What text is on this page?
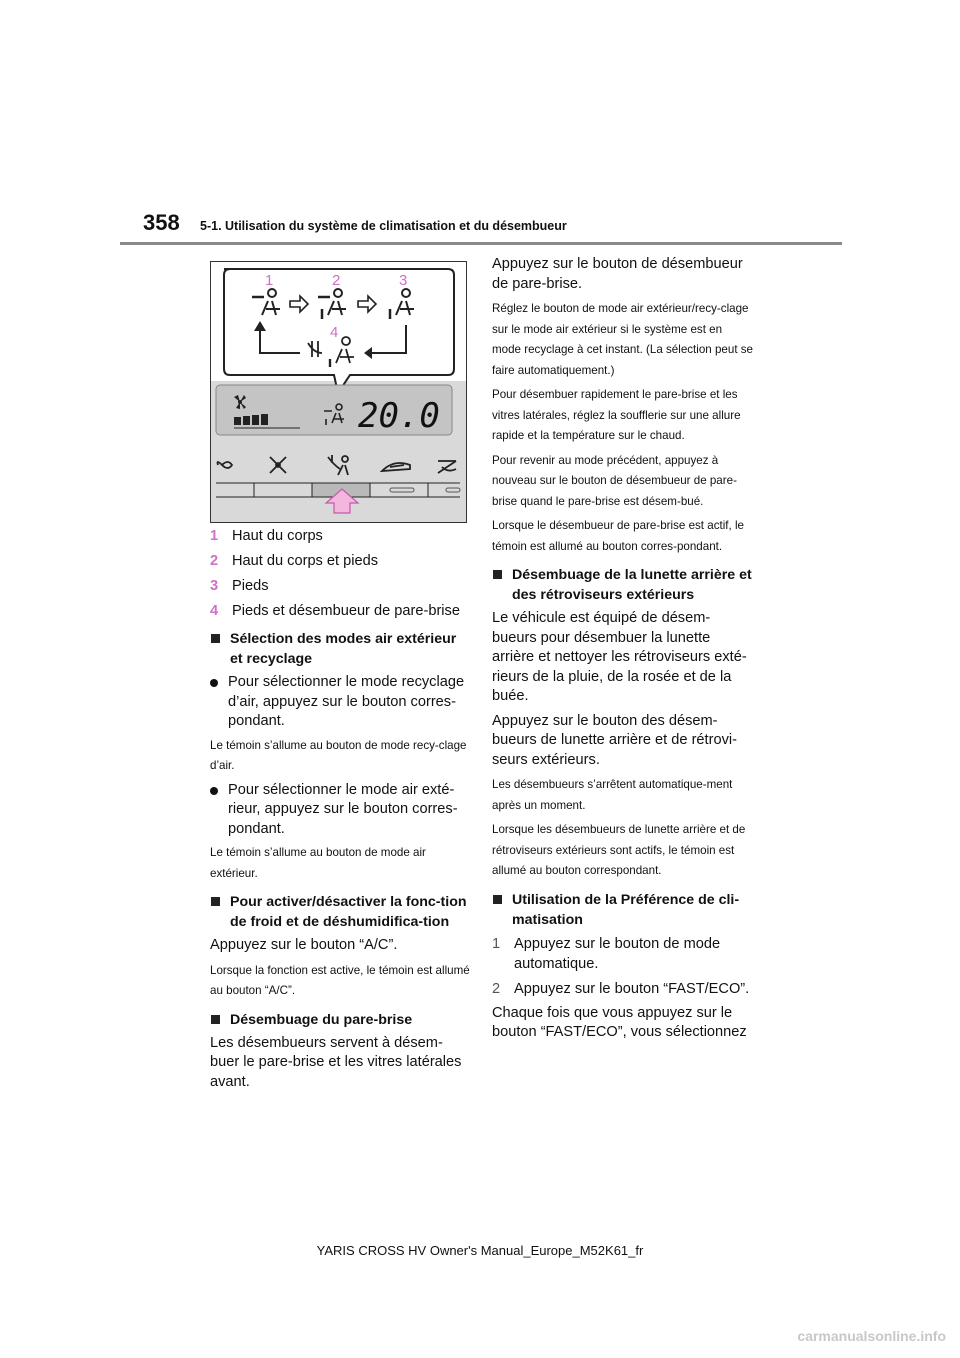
358 5-1. Utilisation du système de climatisation et du désembueur
1	2	3
4
20.0
1 Haut du corps
2 Haut du corps et pieds
3 Pieds
4 Pieds et désembueur de pare-brise

Sélection des modes air extérieur et recyclage

Pour sélectionner le mode recyclage d’air, appuyez sur le bouton corres-pondant.

Le témoin s’allume au bouton de mode recy-clage d’air.

Pour sélectionner le mode air exté-rieur, appuyez sur le bouton corres-pondant.

Le témoin s’allume au bouton de mode air extérieur.

Pour activer/désactiver la fonc-tion de froid et de déshumidifica-tion

Appuyez sur le bouton “A/C”.

Lorsque la fonction est active, le témoin est allumé au bouton “A/C”.

Désembuage du pare-brise

Les désembueurs servent à désem-buer le pare-brise et les vitres latérales avant.

Appuyez sur le bouton de désembueur de pare-brise.

Réglez le bouton de mode air extérieur/recy-clage sur le mode air extérieur si le système est en mode recyclage à cet instant. (La sélection peut se faire automatiquement.)

Pour désembuer rapidement le pare-brise et les vitres latérales, réglez la soufflerie sur une allure rapide et la température sur le chaud.

Pour revenir au mode précédent, appuyez à nouveau sur le bouton de désembueur de pare-brise quand le pare-brise est désem-bué.

Lorsque le désembueur de pare-brise est actif, le témoin est allumé au bouton corres-pondant.

Désembuage de la lunette arrière et des rétroviseurs extérieurs

Le véhicule est équipé de désem-bueurs pour désembuer la lunette arrière et nettoyer les rétroviseurs exté-rieurs de la pluie, de la rosée et de la buée.

Appuyez sur le bouton des désem-bueurs de lunette arrière et de rétrovi-seurs extérieurs.

Les désembueurs s’arrêtent automatique-ment après un moment.

Lorsque les désembueurs de lunette arrière et de rétroviseurs extérieurs sont actifs, le témoin est allumé au bouton correspondant.

Utilisation de la Préférence de cli-matisation

1 Appuyez sur le bouton de mode automatique.
2 Appuyez sur le bouton “FAST/ECO”.

Chaque fois que vous appuyez sur le bouton “FAST/ECO”, vous sélectionnez

YARIS CROSS HV Owner's Manual_Europe_M52K61_fr
carmanualsonline.info
